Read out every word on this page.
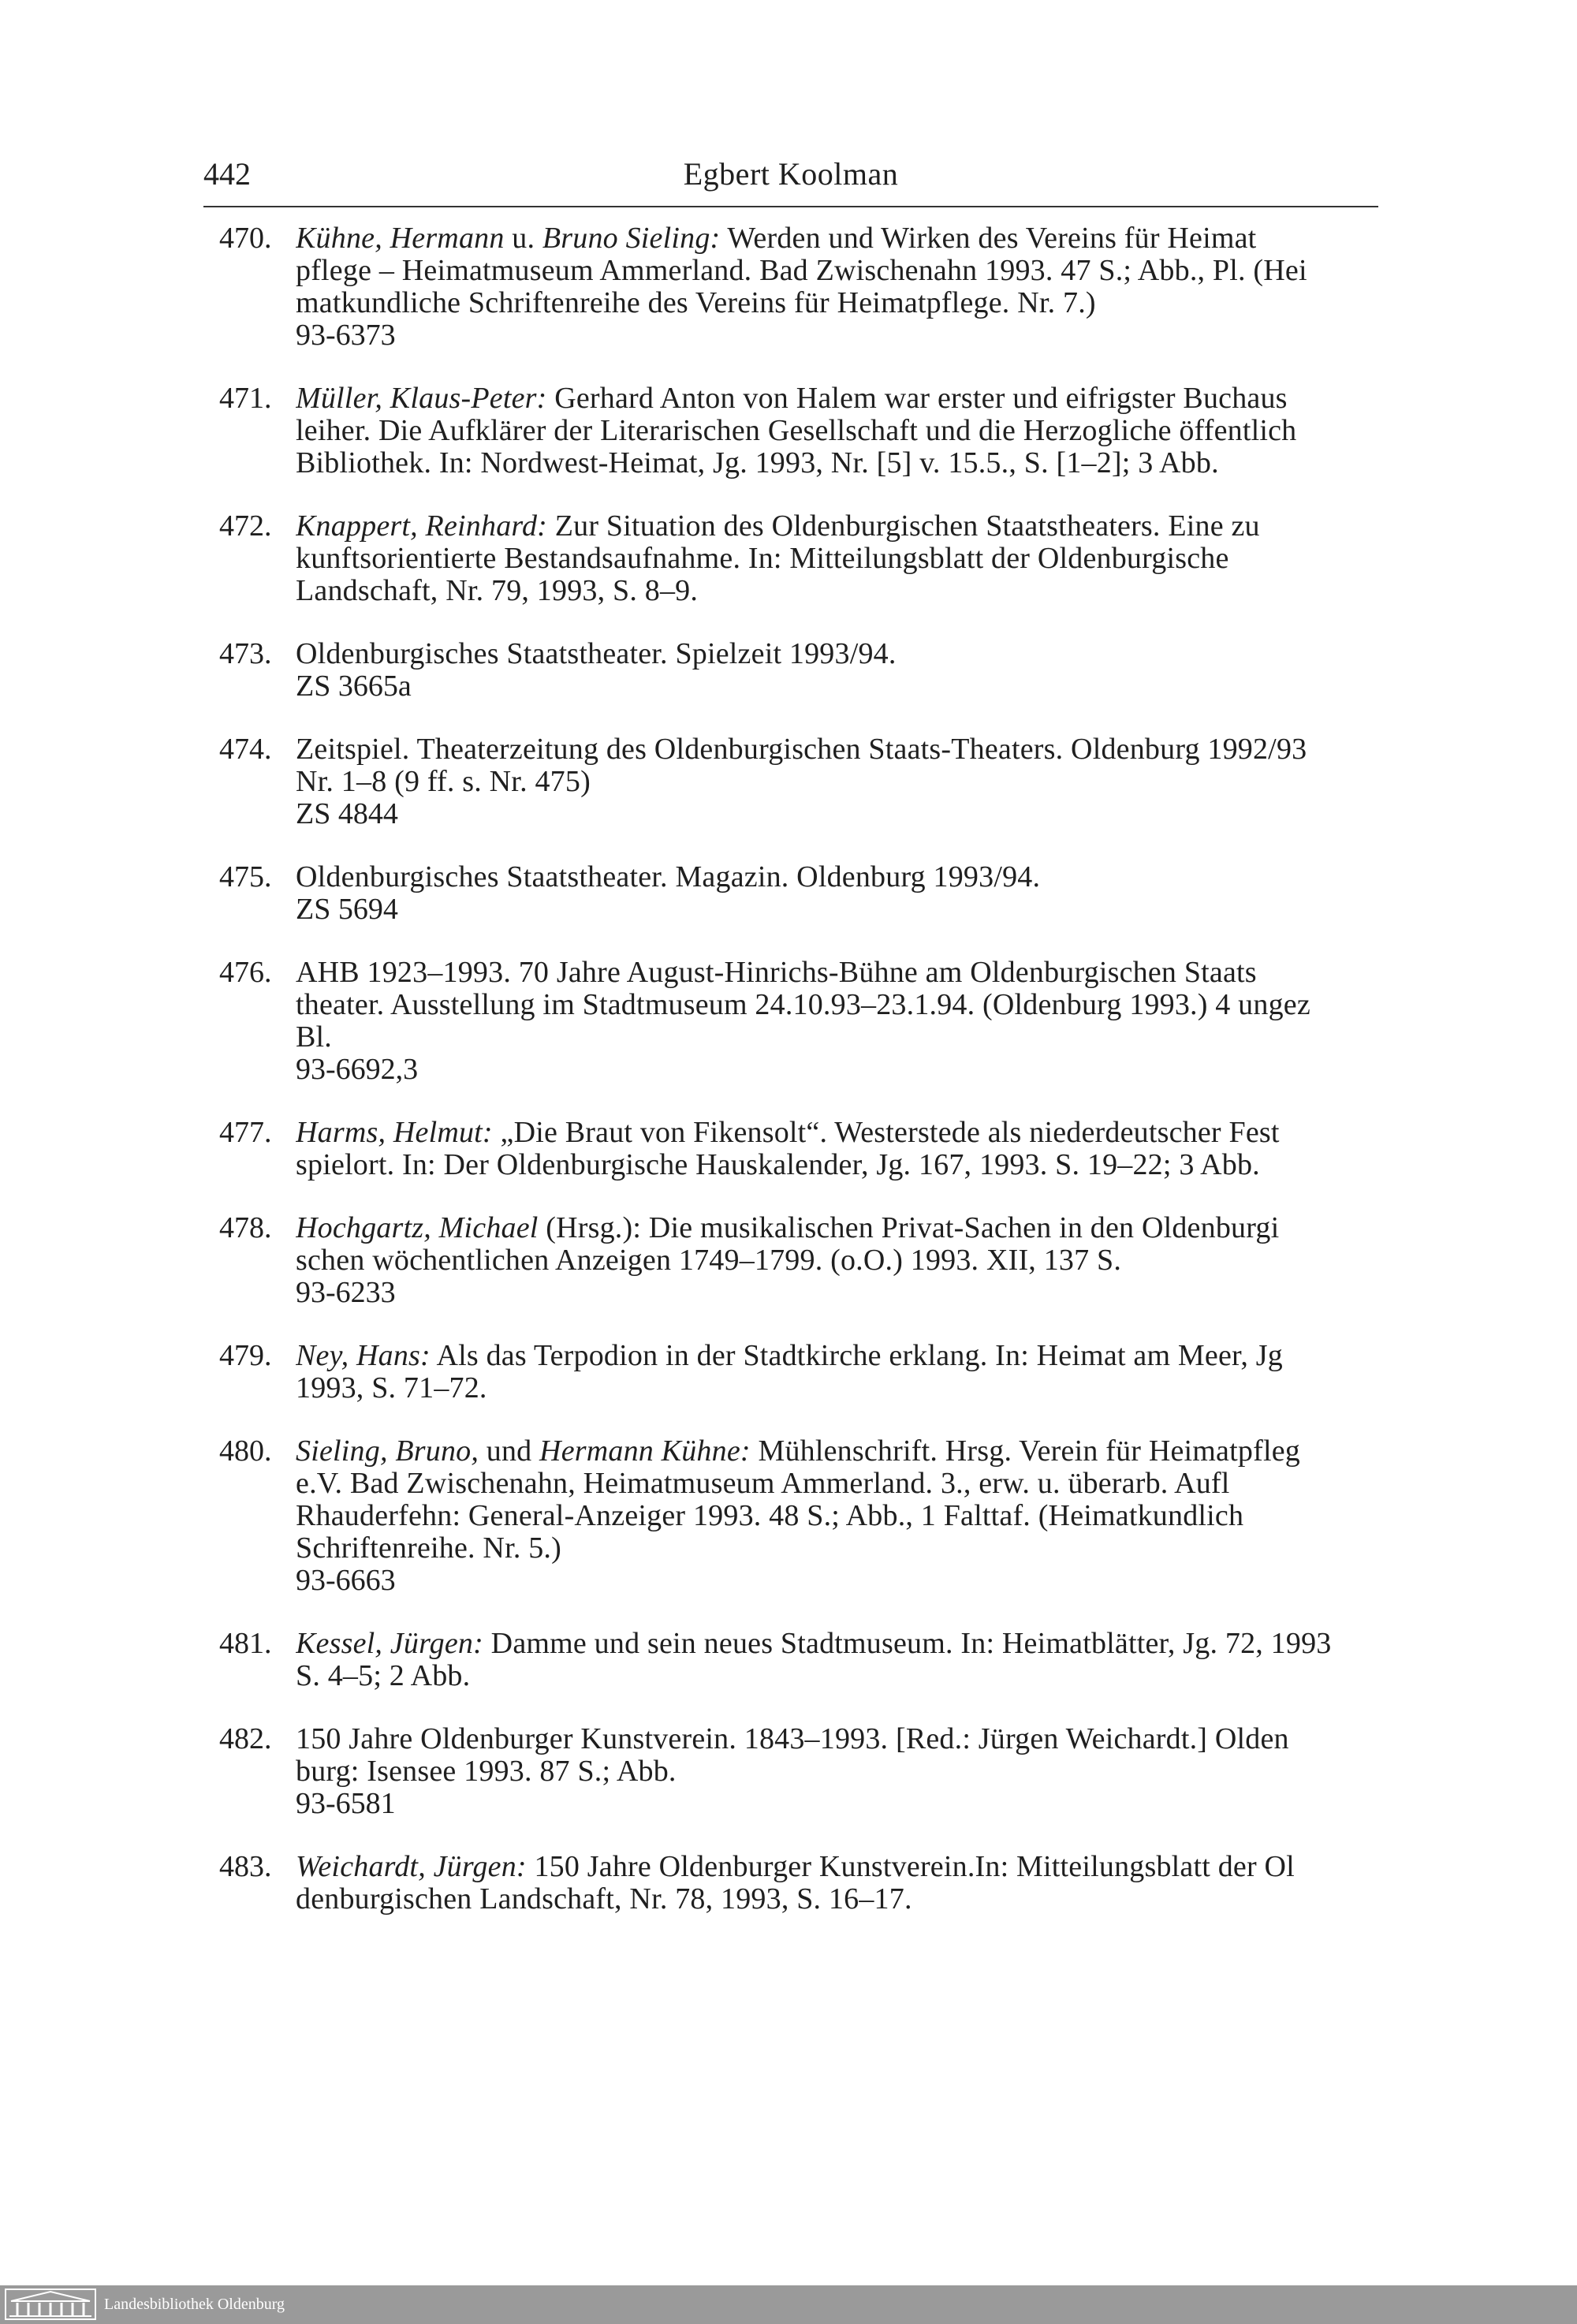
442	Egbert Koolman
470. Kühne, Hermann u. Bruno Sieling: Werden und Wirken des Vereins für Heimat
pflege – Heimatmuseum Ammerland. Bad Zwischenahn 1993. 47 S.; Abb., Pl. (Hei
matkundliche Schriftenreihe des Vereins für Heimatpflege. Nr. 7.)
93-6373
471. Müller, Klaus-Peter: Gerhard Anton von Halem war erster und eifrigster Buchaus
leiher. Die Aufklärer der Literarischen Gesellschaft und die Herzogliche öffentlich
Bibliothek. In: Nordwest-Heimat, Jg. 1993, Nr. [5] v. 15.5., S. [1–2]; 3 Abb.
472. Knappert, Reinhard: Zur Situation des Oldenburgischen Staatstheaters. Eine zu
kunftsorientierte Bestandsaufnahme. In: Mitteilungsblatt der Oldenburgische
Landschaft, Nr. 79, 1993, S. 8–9.
473. Oldenburgisches Staatstheater. Spielzeit 1993/94.
ZS 3665a
474. Zeitspiel. Theaterzeitung des Oldenburgischen Staats-Theaters. Oldenburg 1992/93
Nr. 1–8 (9 ff. s. Nr. 475)
ZS 4844
475. Oldenburgisches Staatstheater. Magazin. Oldenburg 1993/94.
ZS 5694
476. AHB 1923–1993. 70 Jahre August-Hinrichs-Bühne am Oldenburgischen Staats
theater. Ausstellung im Stadtmuseum 24.10.93–23.1.94. (Oldenburg 1993.) 4 ungez
Bl.
93-6692,3
477. Harms, Helmut: „Die Braut von Fikensolt“. Westerstede als niederdeutscher Fest
spielort. In: Der Oldenburgische Hauskalender, Jg. 167, 1993. S. 19–22; 3 Abb.
478. Hochgartz, Michael (Hrsg.): Die musikalischen Privat-Sachen in den Oldenburgi
schen wöchentlichen Anzeigen 1749–1799. (o.O.) 1993. XII, 137 S.
93-6233
479. Ney, Hans: Als das Terpodion in der Stadtkirche erklang. In: Heimat am Meer, Jg
1993, S. 71–72.
480. Sieling, Bruno, und Hermann Kühne: Mühlenschrift. Hrsg. Verein für Heimatpfleg
e.V. Bad Zwischenahn, Heimatmuseum Ammerland. 3., erw. u. überarb. Aufl
Rhauderfehn: General-Anzeiger 1993. 48 S.; Abb., 1 Falttaf. (Heimatkundlich
Schriftenreihe. Nr. 5.)
93-6663
481. Kessel, Jürgen: Damme und sein neues Stadtmuseum. In: Heimatblätter, Jg. 72, 1993
S. 4–5; 2 Abb.
482. 150 Jahre Oldenburger Kunstverein. 1843–1993. [Red.: Jürgen Weichardt.] Olden
burg: Isensee 1993. 87 S.; Abb.
93-6581
483. Weichardt, Jürgen: 150 Jahre Oldenburger Kunstverein.In: Mitteilungsblatt der Ol
denburgischen Landschaft, Nr. 78, 1993, S. 16–17.
Landesbibliothek Oldenburg
